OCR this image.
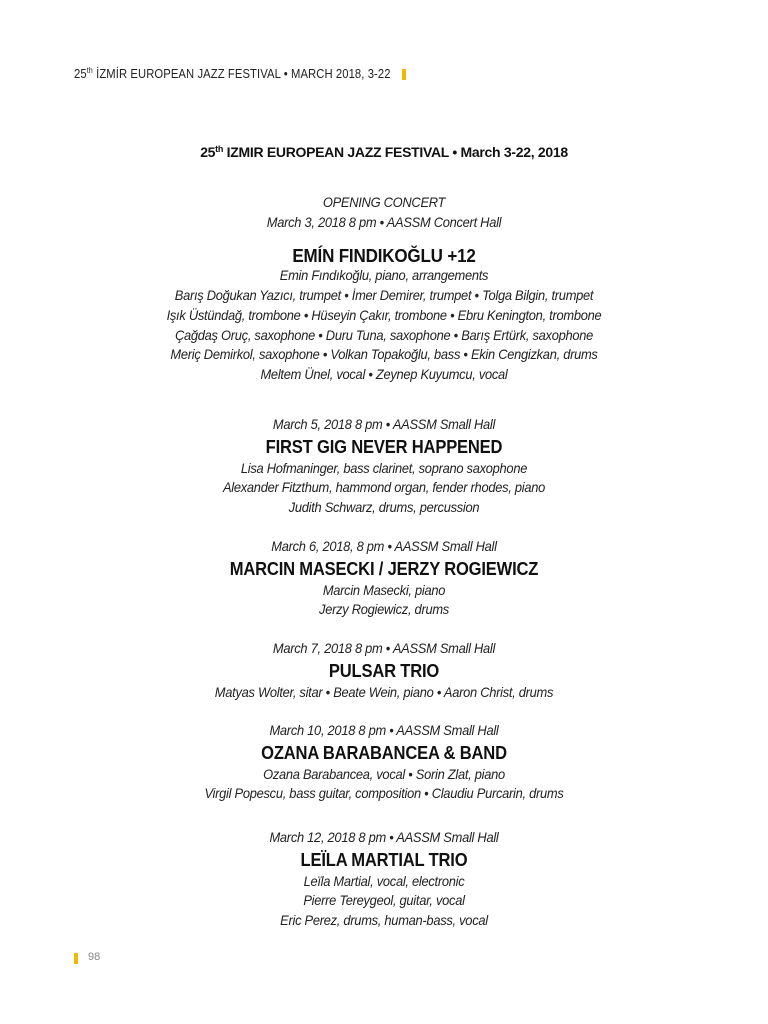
25th İZMİR EUROPEAN JAZZ FESTIVAL • MARCH 2018, 3-22
25th IZMIR EUROPEAN JAZZ FESTIVAL • March 3-22, 2018
OPENING CONCERT
March 3, 2018 8 pm • AASSM Concert Hall
EMÍN FINDIKOĞLU +12
Emin Fındıkoğlu, piano, arrangements
Barış Doğukan Yazıcı, trumpet • İmer Demirer, trumpet • Tolga Bilgin, trumpet
Işık Üstündağ, trombone • Hüseyin Çakır, trombone • Ebru Kenington, trombone
Çağdaş Oruç, saxophone • Duru Tuna, saxophone • Barış Ertürk, saxophone
Meriç Demirkol, saxophone • Volkan Topakoğlu, bass • Ekin Cengizkan, drums
Meltem Ünel, vocal • Zeynep Kuyumcu, vocal
March 5, 2018 8 pm • AASSM Small Hall
FIRST GIG NEVER HAPPENED
Lisa Hofmaninger, bass clarinet, soprano saxophone
Alexander Fitzthum, hammond organ, fender rhodes, piano
Judith Schwarz, drums, percussion
March 6, 2018, 8 pm • AASSM Small Hall
MARCIN MASECKI / JERZY ROGIEWICZ
Marcin Masecki, piano
Jerzy Rogiewicz, drums
March 7, 2018 8 pm • AASSM Small Hall
PULSAR TRIO
Matyas Wolter, sitar • Beate Wein, piano • Aaron Christ, drums
March 10, 2018 8 pm • AASSM Small Hall
OZANA BARABANCEA & BAND
Ozana Barabancea, vocal • Sorin Zlat, piano
Virgil Popescu, bass guitar, composition • Claudiu Purcarin, drums
March 12, 2018 8 pm • AASSM Small Hall
LEÏLA MARTIAL TRIO
Leïla Martial, vocal, electronic
Pierre Tereygeol, guitar, vocal
Eric Perez, drums, human-bass, vocal
98
